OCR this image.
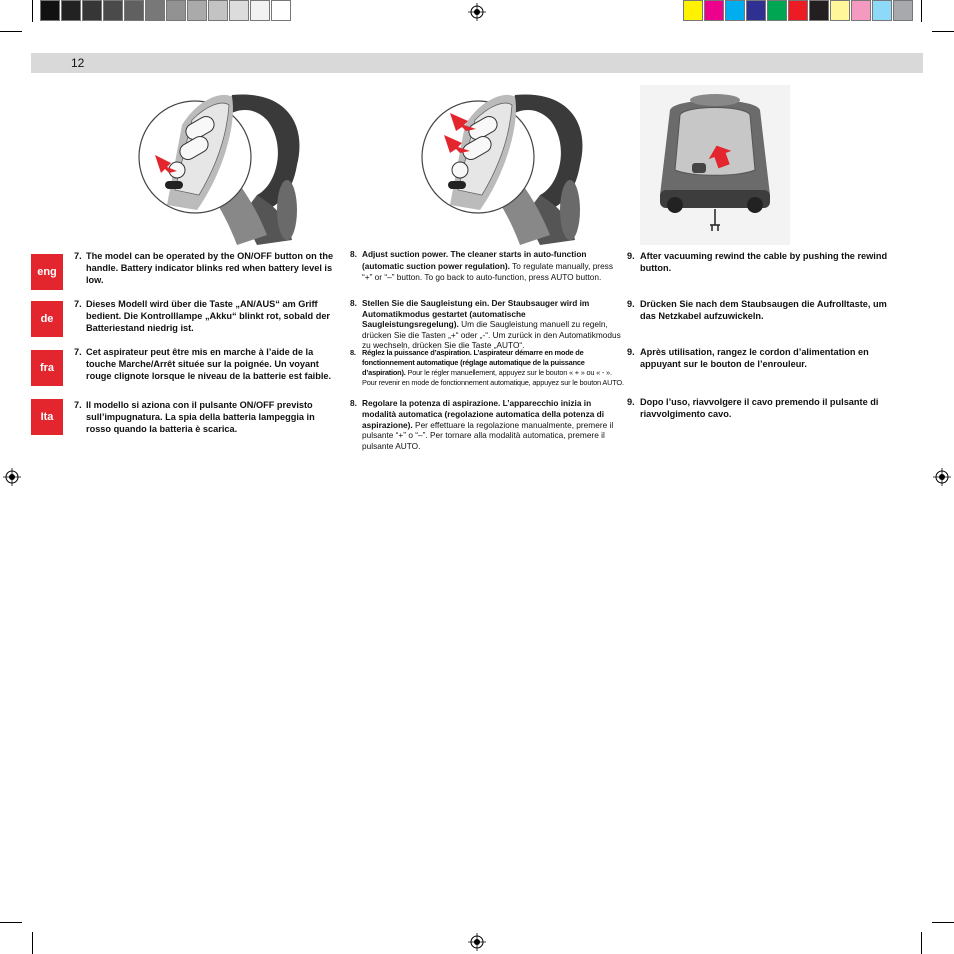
12
eng
de
fra
Ita
7. The model can be operated by the ON/OFF button on the handle. Battery indicator blinks red when battery level is low.
7. Dieses Modell wird über die Taste „AN/AUS“ am Griff bedient. Die Kontrolllampe „Akku“ blinkt rot, sobald der Batteriestand niedrig ist.
7. Cet aspirateur peut être mis en marche à l’aide de la touche Marche/Arrêt située sur la poignée. Un voyant rouge clignote lorsque le niveau de la batterie est faible.
7. Il modello si aziona con il pulsante ON/OFF previsto sull’impugnatura. La spia della batteria lampeggia in rosso quando la batteria è scarica.
8. Adjust suction power. The cleaner starts in auto-function (automatic suction power regulation). To regulate manually, press “+” or “–” button. To go back to auto-function, press AUTO button.
8. Stellen Sie die Saugleistung ein. Der Staubsauger wird im Automatikmodus gestartet (automatische Saugleistungsregelung). Um die Saugleistung manuell zu regeln, drücken Sie die Tasten „+“ oder „-“. Um zurück in den Automatikmodus zu wechseln, drücken Sie die Taste „AUTO“.
8. Réglez la puissance d’aspiration. L’aspirateur démarre en mode de fonctionnement automatique (réglage automatique de la puissance d’aspiration). Pour le régler manuellement, appuyez sur le bouton « + » ou « - ». Pour revenir en mode de fonctionnement automatique, appuyez sur le bouton AUTO.
8. Regolare la potenza di aspirazione. L’apparecchio inizia in modalità automatica (regolazione automatica della potenza di aspirazione). Per effettuare la regolazione manualmente, premere il pulsante “+” o “–”. Per tornare alla modalità automatica, premere il pulsante AUTO.
9. After vacuuming rewind the cable by pushing the rewind button.
9. Drücken Sie nach dem Staubsaugen die Aufrolltaste, um das Netzkabel aufzuwickeln.
9. Après utilisation, rangez le cordon d’alimentation en appuyant sur le bouton de l’enrouleur.
9. Dopo l’uso, riavvolgere il cavo premendo il pulsante di riavvolgimento cavo.
